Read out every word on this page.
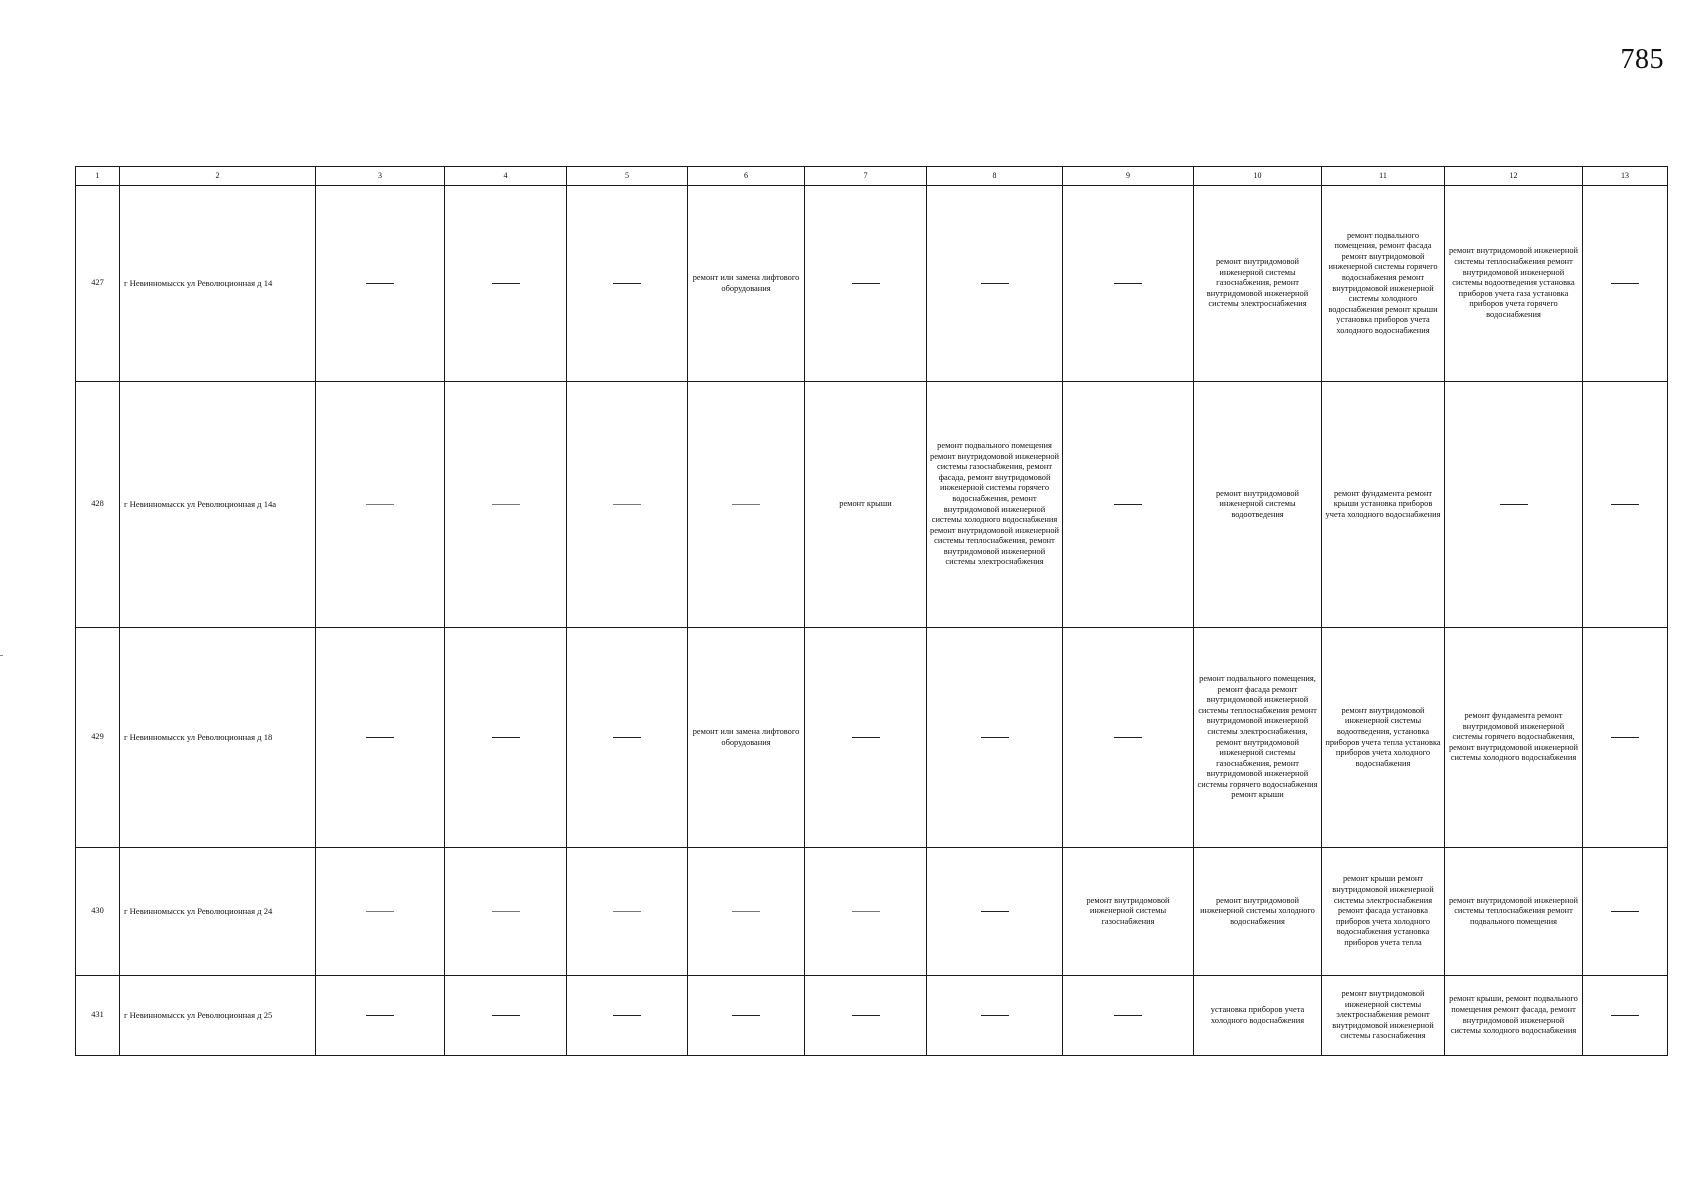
785
1	2	3	4	5	6	7	8	9	10	11	12	13
427	г Невинномысск ул Революционная д 14				ремонт или замена лифтового оборудования				ремонт внутридомовой инженерной системы газоснабжения, ремонт внутридомовой инженерной системы электроснабжения	ремонт подвального помещения, ремонт фасада ремонт внутридомовой инженерной системы горячего водоснабжения ремонт внутридомовой инженерной системы холодного водоснабжения ремонт крыши установка приборов учета холодного водоснабжения	ремонт внутридомовой инженерной системы теплоснабжения ремонт внутридомовой инженерной системы водоотведения установка приборов учета газа установка приборов учета горячего водоснабжения	
428	г Невинномысск ул Революционная д 14а					ремонт крыши	ремонт подвального помещения ремонт внутридомовой инженерной системы газоснабжения, ремонт фасада, ремонт внутридомовой инженерной системы горячего водоснабжения, ремонт внутридомовой инженерной системы холодного водоснабжения ремонт внутридомовой инженерной системы теплоснабжения, ремонт внутридомовой инженерной системы электроснабжения		ремонт внутридомовой инженерной системы водоотведения	ремонт фундамента ремонт крыши установка приборов учета холодного водоснабжения		
429	г Невинномысск ул Революционная д 18				ремонт или замена лифтового оборудования				ремонт подвального помещения, ремонт фасада ремонт внутридомовой инженерной системы теплоснабжения ремонт внутридомовой инженерной системы электроснабжения, ремонт внутридомовой инженерной системы газоснабжения, ремонт внутридомовой инженерной системы горячего водоснабжения ремонт крыши	ремонт внутридомовой инженерной системы водоотведения, установка приборов учета тепла установка приборов учета холодного водоснабжения	ремонт фундамента ремонт внутридомовой инженерной системы горячего водоснабжения, ремонт внутридомовой инженерной системы холодного водоснабжения	
430	г Невинномысск ул Революционная д 24							ремонт внутридомовой инженерной системы газоснабжения	ремонт внутридомовой инженерной системы холодного водоснабжения	ремонт крыши ремонт внутридомовой инженерной системы электроснабжения ремонт фасада установка приборов учета холодного водоснабжения установка приборов учета тепла	ремонт внутридомовой инженерной системы теплоснабжения ремонт подвального помещения	
431	г Невинномысск ул Революционная д 25								установка приборов учета холодного водоснабжения	ремонт внутридомовой инженерной системы электроснабжения ремонт внутридомовой инженерной системы газоснабжения	ремонт крыши, ремонт подвального помещения ремонт фасада, ремонт внутридомовой инженерной системы холодного водоснабжения	
